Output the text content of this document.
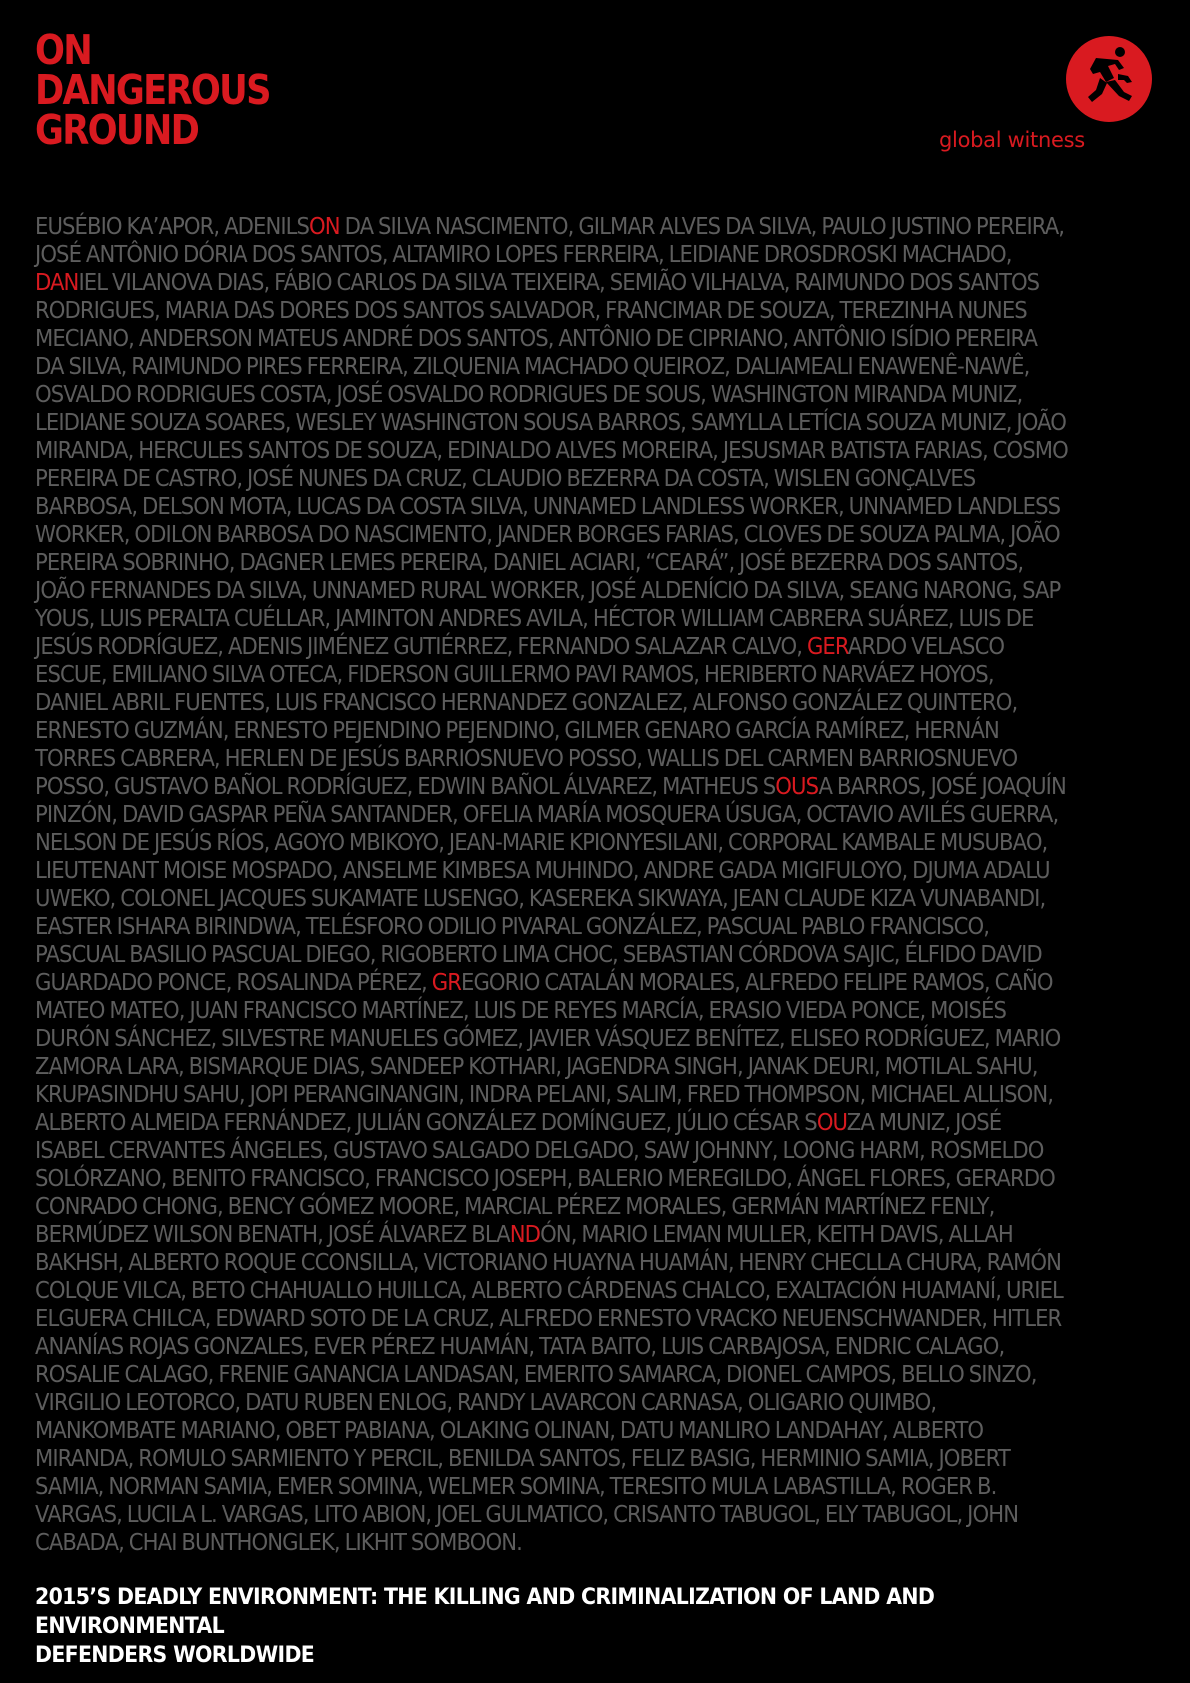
ON
DANGEROUS
GROUND	global witness
EUSÉBIO KA’APOR, ADENILSON DA SILVA NASCIMENTO, GILMAR ALVES DA SILVA, PAULO JUSTINO PEREIRA, JOSÉ ANTÔNIO DÓRIA DOS SANTOS, ALTAMIRO LOPES FERREIRA, LEIDIANE DROSDROSKI MACHADO, DANIEL VILANOVA DIAS, FÁBIO CARLOS DA SILVA TEIXEIRA, SEMIÃO VILHALVA, RAIMUNDO DOS SANTOS RODRIGUES, MARIA DAS DORES DOS SANTOS SALVADOR, FRANCIMAR DE SOUZA, TEREZINHA NUNES MECIANO, ANDERSON MATEUS ANDRÉ DOS SANTOS, ANTÔNIO DE CIPRIANO, ANTÔNIO ISÍDIO PEREIRA DA SILVA, RAIMUNDO PIRES FERREIRA, ZILQUENIA MACHADO QUEIROZ, DALIAMEALI ENAWENÊ-NAWÊ, OSVALDO RODRIGUES COSTA, JOSÉ OSVALDO RODRIGUES DE SOUS, WASHINGTON MIRANDA MUNIZ, LEIDIANE SOUZA SOARES, WESLEY WASHINGTON SOUSA BARROS, SAMYLLA LETÍCIA SOUZA MUNIZ, JOÃO MIRANDA, HERCULES SANTOS DE SOUZA, EDINALDO ALVES MOREIRA, JESUSMAR BATISTA FARIAS, COSMO PEREIRA DE CASTRO, JOSÉ NUNES DA CRUZ, CLAUDIO BEZERRA DA COSTA, WISLEN GONÇALVES BARBOSA, DELSON MOTA, LUCAS DA COSTA SILVA, UNNAMED LANDLESS WORKER, UNNAMED LANDLESS WORKER, ODILON BARBOSA DO NASCIMENTO, JANDER BORGES FARIAS, CLOVES DE SOUZA PALMA, JOÃO PEREIRA SOBRINHO, DAGNER LEMES PEREIRA, DANIEL ACIARI, “CEARÁ”, JOSÉ BEZERRA DOS SANTOS, JOÃO FERNANDES DA SILVA, UNNAMED RURAL WORKER, JOSÉ ALDENÍCIO DA SILVA, SEANG NARONG, SAP YOUS, LUIS PERALTA CUÉLLAR, JAMINTON ANDRES AVILA, HÉCTOR WILLIAM CABRERA SUÁREZ, LUIS DE JESÚS RODRÍGUEZ, ADENIS JIMÉNEZ GUTIÉRREZ, FERNANDO SALAZAR CALVO, GERARDO VELASCO ESCUE, EMILIANO SILVA OTECA, FIDERSON GUILLERMO PAVI RAMOS, HERIBERTO NARVÁEZ HOYOS, DANIEL ABRIL FUENTES, LUIS FRANCISCO HERNANDEZ GONZALEZ, ALFONSO GONZÁLEZ QUINTERO, ERNESTO GUZMÁN, ERNESTO PEJENDINO PEJENDINO, GILMER GENARO GARCÍA RAMÍREZ, HERNÁN TORRES CABRERA, HERLEN DE JESÚS BARRIOSNUEVO POSSO, WALLIS DEL CARMEN BARRIOSNUEVO POSSO, GUSTAVO BAÑOL RODRÍGUEZ, EDWIN BAÑOL ÁLVAREZ, MATHEUS SOUSA BARROS, JOSÉ JOAQUÍN PINZÓN, DAVID GASPAR PEÑA SANTANDER, OFELIA MARÍA MOSQUERA ÚSUGA, OCTAVIO AVILÉS GUERRA, NELSON DE JESÚS RÍOS, AGOYO MBIKOYO, JEAN-MARIE KPIONYESILANI, CORPORAL KAMBALE MUSUBAO, LIEUTENANT MOISE MOSPADO, ANSELME KIMBESA MUHINDO, ANDRE GADA MIGIFULOYO, DJUMA ADALU UWEKO, COLONEL JACQUES SUKAMATE LUSENGO, KASEREKA SIKWAYA, JEAN CLAUDE KIZA VUNABANDI, EASTER ISHARA BIRINDWA, TELÉSFORO ODILIO PIVARAL GONZÁLEZ, PASCUAL PABLO FRANCISCO, PASCUAL BASILIO PASCUAL DIEGO, RIGOBERTO LIMA CHOC, SEBASTIAN CÓRDOVA SAJIC, ÉLFIDO DAVID GUARDADO PONCE, ROSALINDA PÉREZ, GREGORIO CATALÁN MORALES, ALFREDO FELIPE RAMOS, CAÑO MATEO MATEO, JUAN FRANCISCO MARTÍNEZ, LUIS DE REYES MARCÍA, ERASIO VIEDA PONCE, MOISÉS DURÓN SÁNCHEZ, SILVESTRE MANUELES GÓMEZ, JAVIER VÁSQUEZ BENÍTEZ, ELISEO RODRÍGUEZ, MARIO ZAMORA LARA, BISMARQUE DIAS, SANDEEP KOTHARI, JAGENDRA SINGH, JANAK DEURI, MOTILAL SAHU, KRUPASINDHU SAHU, JOPI PERANGINANGIN, INDRA PELANI, SALIM, FRED THOMPSON, MICHAEL ALLISON, ALBERTO ALMEIDA FERNÁNDEZ, JULIÁN GONZÁLEZ DOMÍNGUEZ, JÚLIO CÉSAR SOUZA MUNIZ, JOSÉ ISABEL CERVANTES ÁNGELES, GUSTAVO SALGADO DELGADO, SAW JOHNNY, LOONG HARM, ROSMELDO SOLÓRZANO, BENITO FRANCISCO, FRANCISCO JOSEPH, BALERIO MEREGILDO, ÁNGEL FLORES, GERARDO CONRADO CHONG, BENCY GÓMEZ MOORE, MARCIAL PÉREZ MORALES, GERMÁN MARTÍNEZ FENLY, BERMÚDEZ WILSON BENATH, JOSÉ ÁLVAREZ BLANDÓN, MARIO LEMAN MULLER, KEITH DAVIS, ALLAH BAKHSH, ALBERTO ROQUE CCONSILLA, VICTORIANO HUAYNA HUAMÁN, HENRY CHECLLA CHURA, RAMÓN COLQUE VILCA, BETO CHAHUALLO HUILLCA, ALBERTO CÁRDENAS CHALCO, EXALTACIÓN HUAMANÍ, URIEL ELGUERA CHILCA, EDWARD SOTO DE LA CRUZ, ALFREDO ERNESTO VRACKO NEUENSCHWANDER, HITLER ANANÍAS ROJAS GONZALES, EVER PÉREZ HUAMÁN, TATA BAITO, LUIS CARBAJOSA, ENDRIC CALAGO, ROSALIE CALAGO, FRENIE GANANCIA LANDASAN, EMERITO SAMARCA, DIONEL CAMPOS, BELLO SINZO, VIRGILIO LEOTORCO, DATU RUBEN ENLOG, RANDY LAVARCON CARNASA, OLIGARIO QUIMBO, MANKOMBATE MARIANO, OBET PABIANA, OLAKING OLINAN, DATU MANLIRO LANDAHAY, ALBERTO MIRANDA, ROMULO SARMIENTO Y PERCIL, BENILDA SANTOS, FELIZ BASIG, HERMINIO SAMIA, JOBERT SAMIA, NORMAN SAMIA, EMER SOMINA, WELMER SOMINA, TERESITO MULA LABASTILLA, ROGER B. VARGAS, LUCILA L. VARGAS, LITO ABION, JOEL GULMATICO, CRISANTO TABUGOL, ELY TABUGOL, JOHN CABADA, CHAI BUNTHONGLEK, LIKHIT SOMBOON.
2015’S DEADLY ENVIRONMENT: THE KILLING AND CRIMINALIZATION OF LAND AND ENVIRONMENTAL
DEFENDERS WORLDWIDE
